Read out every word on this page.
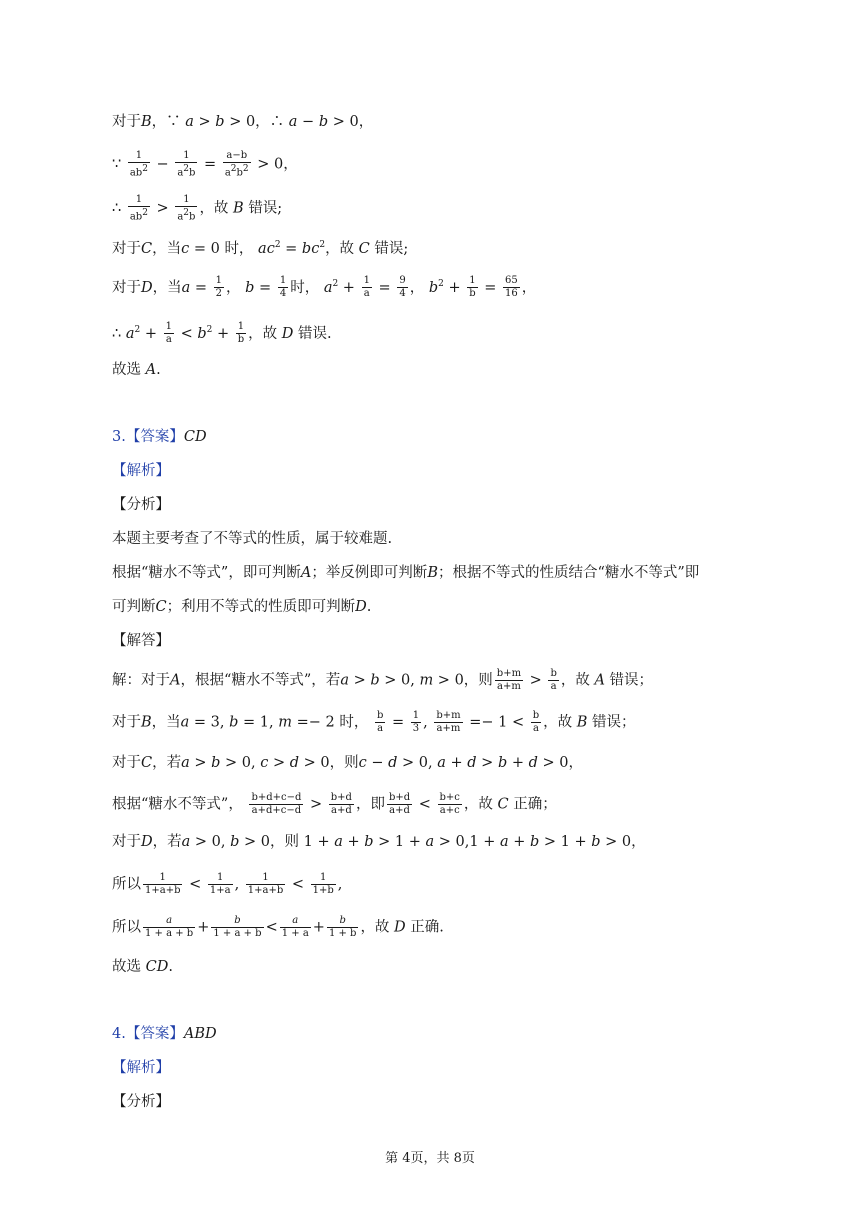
对于B，∵ a > b > 0，∴ a − b > 0，
∵ $\frac{1}{ab^2} - \frac{1}{a^2b} = \frac{a-b}{a^2b^2} > 0$，
∴ $\frac{1}{ab^2} > \frac{1}{a^2b}$ ，故 B 错误;
对于C，当c = 0 时， $ac^2 = bc^2$，故 C 错误;
对于D，当$a = \frac{1}{2}$ ， $b = \frac{1}{4}$ 时， $a^2 + \frac{1}{a} = \frac{9}{4}$ ， $b^2 + \frac{1}{b} = \frac{65}{16}$ ，
∴ $a^2 + \frac{1}{a} < b^2 + \frac{1}{b}$ ，故 D 错误.
故选 A.
3.【答案】CD
【解析】
【分析】
本题主要考查了不等式的性质，属于较难题.
根据“糖水不等式”，即可判断A；举反例即可判断B；根据不等式的性质结合“糖水不等式”即
可判断C；利用不等式的性质即可判断D.
【解答】
解：对于A，根据“糖水不等式”，若a > b > 0, m > 0，则 $\frac{b+m}{a+m} > \frac{b}{a}$ ，故 A 错误；
对于B，当a = 3, b = 1, m =− 2 时， $\frac{b}{a} = \frac{1}{3}$ , $\frac{b+m}{a+m} =- 1 < \frac{b}{a}$ ，故 B 错误；
对于C，若a > b > 0, c > d > 0，则c − d > 0, a + d > b + d > 0，
根据“糖水不等式”， $\frac{b+d+c-d}{a+d+c-d} > \frac{b+d}{a+d}$ ，即 $\frac{b+d}{a+d} < \frac{b+c}{a+c}$ ，故 C 正确；
对于D，若a > 0, b > 0，则 1 + a + b > 1 + a > 0,1 + a + b > 1 + b > 0，
所以 $\frac{1}{1+a+b} < \frac{1}{1+a}$ , $\frac{1}{1+a+b} < \frac{1}{1+b}$ ,
所以 $\frac{a}{1 + a + b} + \frac{b}{1 + a + b} < \frac{a}{1 + a} + \frac{b}{1 + b}$ ，故 D 正确.
故选 CD.
4.【答案】ABD
【解析】
【分析】
第 4页，共 8页
